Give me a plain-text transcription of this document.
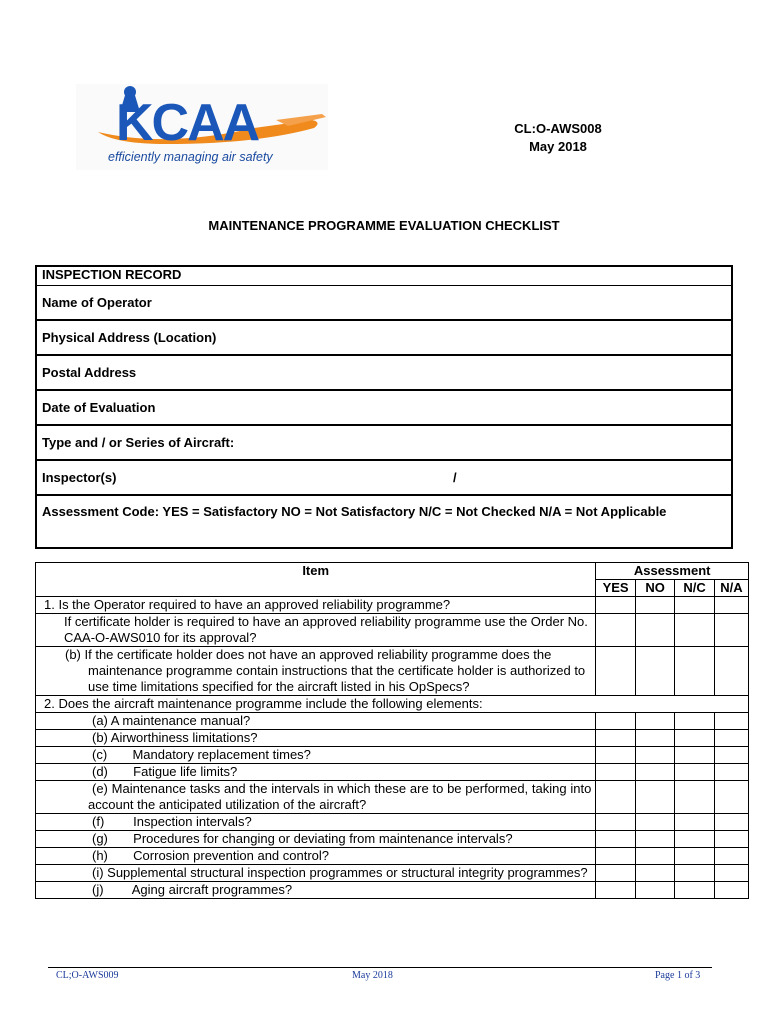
KCAA
efficiently managing air safety
CL:O-AWS008
May 2018
MAINTENANCE PROGRAMME EVALUATION CHECKLIST
INSPECTION RECORD
Name of Operator
Physical Address (Location)
Postal Address
Date of Evaluation
Type and / or Series of Aircraft:
Inspector(s)	/
Assessment Code: YES = Satisfactory NO = Not Satisfactory N/C = Not Checked N/A = Not Applicable
Item	Assessment			
	YES	NO	N/C	N/A
1. Is the Operator required to have an approved reliability programme?				
If certificate holder is required to have an approved reliability programme use the Order No. CAA-O-AWS010 for its approval?				
(b) If the certificate holder does not have an approved reliability programme does the maintenance programme contain instructions that the certificate holder is authorized to use time limitations specified for the aircraft listed in his OpSpecs?				
2. Does the aircraft maintenance programme include the following elements:				
(a) A maintenance manual?				
(b) Airworthiness limitations?				
(c)       Mandatory replacement times?				
(d)       Fatigue life limits?				
(e) Maintenance tasks and the intervals in which these are to be performed, taking into account the anticipated utilization of the aircraft?				
(f)        Inspection intervals?				
(g)       Procedures for changing or deviating from maintenance intervals?				
(h)       Corrosion prevention and control?				
(i) Supplemental structural inspection programmes or structural integrity programmes?				
(j)        Aging aircraft programmes?				
CL;O-AWS009	May 2018	Page 1 of 3
